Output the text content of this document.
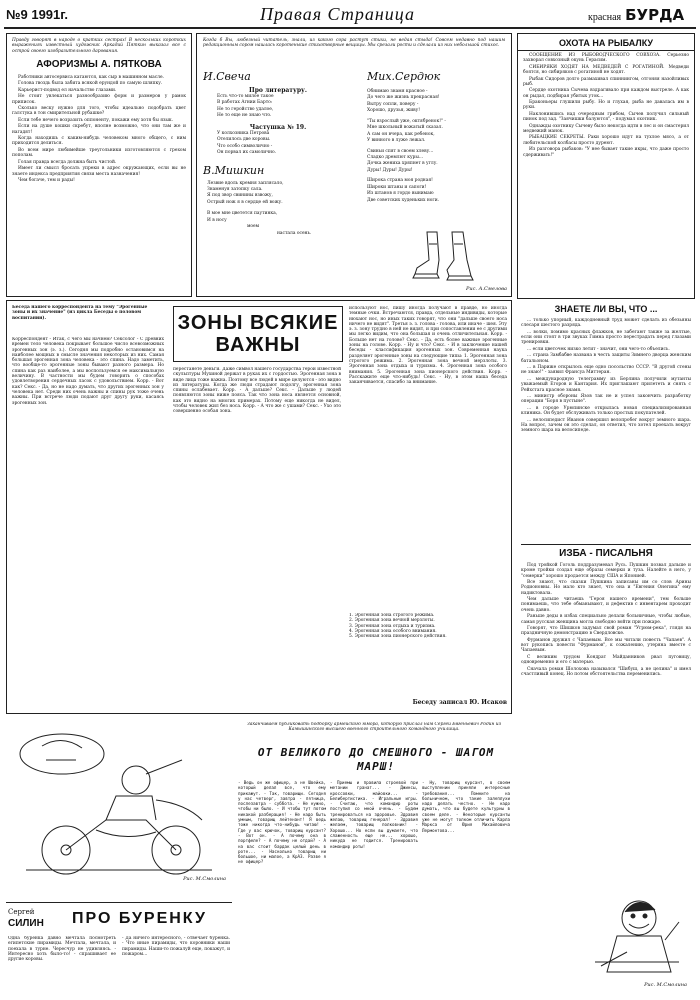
№9 1991г.	Правая Страница	красная БУРДА
Правду говорят в народе о кратких сестрах! В нескольких коротких выражениях известный художник Аркадий Пяткин выказал все с острой своего изобразительного дарования.
АФОРИЗМЫ А. ПЯТКОВА

Работники автосервиса катаются, как сыр в машинном масле.

Голова гвоздь была забита всякой ерундой по самую шляпку.

Карьерист-подвод ел начальство глазами.

Не стоит увлекаться разнообразию форм и размеров у рамок приписок.

Сколько веску нужно для того, чтобы идеально подобрать цвет галстука в тон смирительной рубашке?

Если тебе нечего возразить оппоненту, покажи ему хотя бы язык.

Если на душе кошки скребут, вполне возможно, что они там же и нагадят!

Когда находишь с каким-нибудь человеком много общего, с ним приходится делиться.

Во всем мире любимейше треугольники изготовляются с грехом пополам.

Голая правда всегда должна быть чистой.

Имеет ли смысл бросать упреки в адрес окружающих, если вы не знаете индекса предприятия связи места назначения!

Чем богаче, тем и рады!

Когда б Вы, любезный читатель, знали, из какого сора растут стихи, не ведая стыда! Совсем недавно под нашим редакционным сором нашлась коротенькие стихотворные вещицы. Мы срезали рости и сделали из них небольшой стихос.
И.Свеча
Про литературу.

Есть что-то милое такое

В работах Агнии Барто:

Не то геройство удалое,

Не то еще не знаю что.

Частушка № 19.

У колхозника Петрова

Отелилось две коровы.

Что особо символично -

Он порвал их самолично.

В.Мишкин

Лезвие вдоль кремня заплясало,

Знаменуя затопку сала.

Я под звор свинины взвожу,

Острый нож я в сердце ей вожу.

В мое мне цветется паутинка,

И в носу

моем

настала осень.

Мих.Сердюк

Обнимаю знамя красное -

До чего же жизнь прекрасная!

Вытру сопли, поверу -

Хорошо, друзья, живу!

"Ты взрослый уже, октябренок!" -

Мне школьный вожатый сказал.

А сам он вчера, как ребенок,

У винного в луже лежал.

Свиньи спят в своем хлеву...

Сладко дремлют куры...

Дочка жениха хряпнет в углу.

Дуры! Дуры! Дуры!

Широка страна моя родная!

Широки штаны и сапоги!

Из штанов я гордо вынимаю

Две советских худеньких ноги.

Рис. А.Смелова
ОХОТА НА РЫБАЛКУ

СООБЩЕНИЕ ИЗ РЫБОВОДЧЕСКОГО СОВХОЗА. Серьезно захворал совхозный окунь Герасим.

СИБИРЯКИ ХОДЯТ НА МЕДВЕДЕЙ С РОГАТИНОЙ. Медведи боятся, но сибиряков с рогатиной не ходят.

Рыбак Сидоров долго размахивал спиннингом, отгоняя назойливых рыб.

Сердце охотника Сычева вздрагивало при каждом выстреле. А как он рыдал, подбирая убитых уток...

Браконьеры глушили рыбу. Но и глухая, рыба не давалась им в руки.

Наклонившись над очередным грибом, Сычев получил сильный пинок под зад. "Заячишки балуются", - подумал охотник.

Однажды охотнику Сычеву было некогда идти в лес и он смастерил медвежий манок.

РЫБАЦКИЕ СЕКРЕТЫ. Раки хорошо идут на тухлое мясо, а от любительской колбасы просто дуреют.

Из разговора рыбаков: "У нее бывает такие икры, что даже просто сдерживать!"

Беседа нашего корреспондента на тему "Эрогенные зоны и их значение" (из цикла Беседы о половом воспитании).
Корреспондент - Итак, с чего мы начнем? Сексолог - С древних времен тело человека покрывает большое число всевозможных эрогенных зон (э. з.). Сегодня мы подробно остановимся на наиболее мощных в смысле значения некоторых из них. Самая большая эрогенная зона человека - это спина. Надо заметить, что вообще-то эрогенные зоны бывают разного размера. Но спина как раз наиболее, а мы воспользуемся ее максимальную величину. В частности мы будем говорить о способах удовлетворения сердечных ласок с удовольствием. Корр. - Вот как? Секс. - Да, но не надо думать, что других эрогенных зон у человека нет. Среди них очень важны и спины рук тоже очень важны. При встрече люди подают друг другу руки, касаясь эрогенных зон.
ЗОНЫ ВСЯКИЕ ВАЖНЫ
перестанете деньги. Даже символ нашего государства герои известной скульптуры Мухиной держат в руках их с гордостью. Эрогенная зона в виде лица тоже важна. Поэтому все людей в мире целуются - это видно из литературы. Когда же люди страдают подолгу, эрогенная зона спины ослабевает. Корр. - А дальше? Секс. - Дальше у людей появляются зоны ниже пояса. Так что зона носа является основной, как это видно на многих примерах. Потому еще никогда не видел, чтобы человек жил без носа. Корр. - А что же с ушами? Секс. - Ухо это совершенно особая зона.
используют нос, пишу иногда получают в правде, но иногда темные очки. Встречаются, правда, отдельные индивиды, которые нюхают нос, но иных таких говорят, что они "дальше своего носа ничего не видят". Третья э. з. голова - голова, или иначе - шея. Эту э. з. зону трудно в ней не видят, и при сопоставлении ее с другими мы легко видим, что она большая и очень отличительная. Корр. - Больше нет на голове? Секс. - Да, есть более важные эрогенные зоны на голове. Корр. - Ну и что? Секс. - И в заключение нашей беседы - классификация эрогенных зон. Современная наука разделяет эрогенные зоны на следующие типы: 1. Эрогенная зона строгого режима. 2. Эрогенная зона вечной мерзлоты. 3. Эрогенная зона отдыха и туризма. 4. Эрогенная зона особого внимания. 5. Эрогенная зона пионерского действия. Корр. - Расскажите еще что-нибудь! Секс. - Ну, в этом наша беседа заканчивается, спасибо за внимание.
1. Эрогенная зона строгого режима.
2. Эрогенная зона вечной мерзлоты.
3. Эрогенная зона отдыха и туризма.
4. Эрогенная зона особого внимания.
5. Эрогенная зона пионерского действия.
Беседу записал Ю. Исаков
ЗНАЕТЕ ЛИ ВЫ, ЧТО ...

... только упорный, каждодневный труд может сделать из обезьяны слесаря шестого разряда.

... волки, помимо красных флажков, не забегают также за желтые, если они стоят в три звуках Гимна просто перестрадать перед глазами тренировки.

... если цветочек низко летит - значит, они чего-то объелись.

... страна Замбабве названа в честь защиты Зимнего дворца женским батальоном.

... в Париже открылось еще одно посольство СССР. "В другой стены не знаю!" - заявил Франсуа Миттеран.

... международную телеграмму из Берлина получили мутанты уважаемый Егоров и Кантария. Их приглашают прилететь и снять с Рейхстага красное знамя.

... министр обороны Язов так не и успел закончить разработку операции "Боря в пустыне".

... в городе Урюпинске открылась новая специализированная клиника. Он будет обслуживать только простых покупателей.

... велосипедист Иванов совершил велопробег вокруг земного шара. На вопрос, зачем он это сделал, он ответил, что хотел проехать вокруг земного шара на велосипеде.

ИЗБА - ПИСАЛЬНЯ

Под тройкой Гоголь поддразумевал Русь. Пушкин позвал дальше и кроме тройки создал еще образы семерки и туза. Налейте в него, у "семерки" хорошо продается между США и Японией.

Все знают, что сказки Пушкина записаны им со слов Арины Родионовны. Но мало кто знает, что она и "Евгения Онегина" ему надиктовала.

Чем дальше читаешь "Героя нашего времени", тем больше понимаешь, что тебе обманывают, и дефектив с инвентарем проходит очень давно.

Раньше деды в избах специально делали больничные, чтобы любые, самая русская женщина могла свободно войти при пожаре.

Говорят, что Шишков задумал свой роман "Угрюм-река", глядя на праздничную демонстрацию в Свердловске.

Фурманов дружил с Чапаевым. Все мы читали повесть "Чапаев". А вот рукопись повести "Фурманов", к сожалению, утеряна вместе с Чапаевым.

С великим трудом Кондрат Майданников рвал пуговицу, одновременно и его с матерью.

Сначала роман Шолохова назывался "Шибуш, а не целина" и имел счастливый конец. Но потом обстоятельства переменились.

Рис. М.Смолина
Рис. М.Смолина
Сергей
СИЛИН	ПРО БУРЕНКУ
Одна буренка давно мечтала посмотреть египетские пирамиды. Мечтала, мечтала, и поехала в турне. Чересчур не удивляясь. - Интересно хоть было-то! - спрашивает ее другие коровы.
- Да ничего интересного, - отвечает буренка. - Что иные пирамиды, что коровники наши пирамиды. Наши-то пожалуй еще, покажут, и пожаром...
Заканчиваем публиковать подборку армейского юмора, которую прислал нам Сергей Евгеньевич Родин из Камышинского высшего военного строительного командного училища.
ОТ ВЕЛИКОГО ДО СМЕШНОГО - ШАГОМ МАРШ!
- Ведь он же офицер, а не Швейка, который делал все, что ему прикажут. - Так, товарищи. Сегодня у нас четверг, завтра - пятница, послезавтра - суббота. - Не нужно, чтобы ни было. - И чтобы тут потом никакой разберация! - Не надо быть умным, товарищ лейтенант! Я ведь тоже никогда что-нибудь читаю! - Где у вас крючок, товарищ курсант? - Вот он. - А почему она в портфеле? - А почему не отдай? - А на вас стоит бардак целый день в роте... - Насколько товарищ ни большое, ни малое, а КрАЗ. Разве я не офицер?
- Приемы и правила строевой при метании гранат... - Джинсы, кроссовки, майовки... - Белибертистика. - Игральные игры. - Считаю, что командир роты поступил со мной очень. - Будем тренироваться на здоровье. Здравия желаю, товарищ генерал! - Здравия желаем, товарищ полковник! - Хорошо... Но если вы думаете, что слаженность еще не... хорошо, никуда не годится. Тренировать командир роты!
- Ну, товарищ курсант, в своем выступлении приняли интересные требования... Помните на больничном, что такие залеплухи надо делать честно. - Не надо думать, что вы будете культурны в своем деле. - Некоторые курсанты уже не могут толком отличить Карла Маркса от Юрия Михайловича Лермонтова...
